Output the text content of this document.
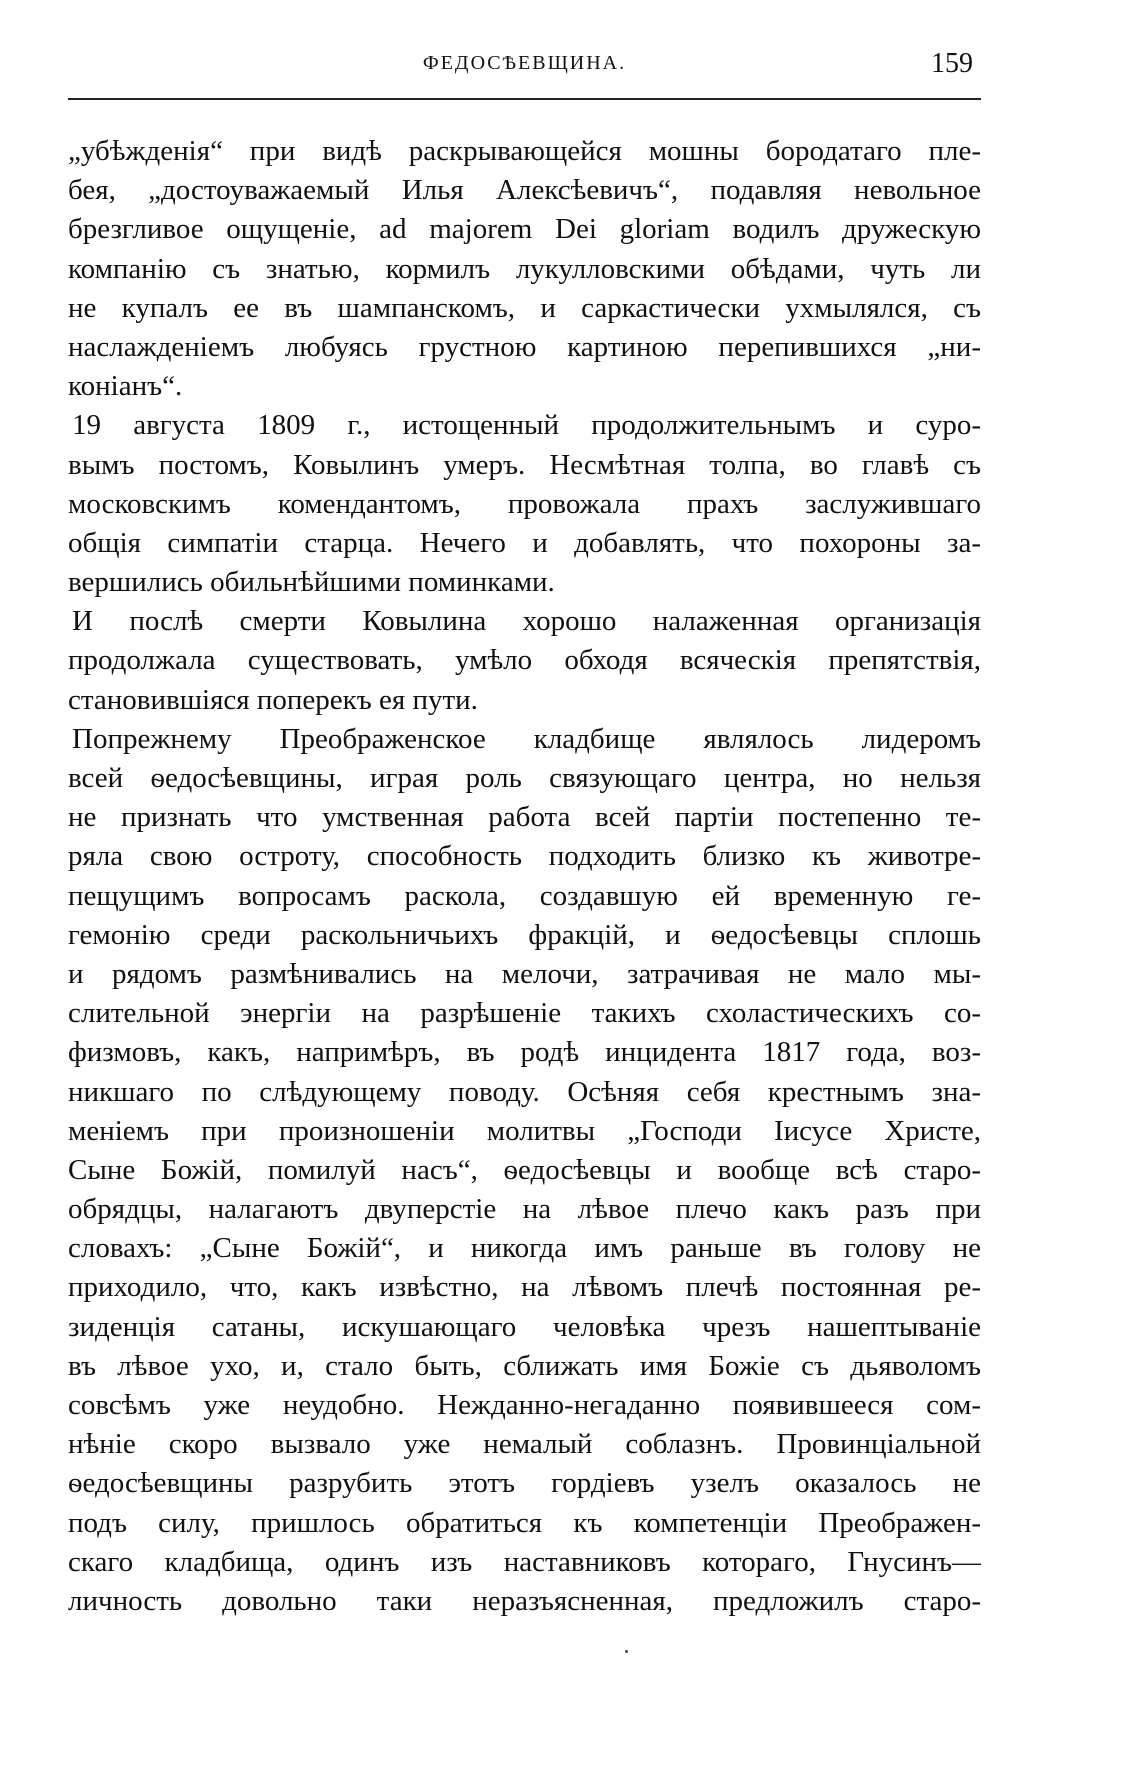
ФЕДОСѢЕВЩИНА.	159
„убѣжденія“ при видѣ раскрывающейся мошны бородатаго пле-
бея, „достоуважаемый Илья Алексѣевичъ“, подавляя невольное
брезгливое ощущеніе, ad majorem Dei gloriam водилъ дружескую
компанію съ знатью, кормилъ лукулловскими обѣдами, чуть ли
не купалъ ее въ шампанскомъ, и саркастически ухмылялся, съ
наслажденіемъ любуясь грустною картиною перепившихся „ни-
коніанъ“.
19 августа 1809 г., истощенный продолжительнымъ и суро-
вымъ постомъ, Ковылинъ умеръ. Несмѣтная толпа, во главѣ съ
московскимъ комендантомъ, провожала прахъ заслужившаго
общія симпатіи старца. Нечего и добавлять, что похороны за-
вершились обильнѣйшими поминками.
И послѣ смерти Ковылина хорошо налаженная организація
продолжала существовать, умѣло обходя всяческія препятствія,
становившіяся поперекъ ея пути.
Попрежнему Преображенское кладбище являлось лидеромъ
всей ѳедосѣевщины, играя роль связующаго центра, но нельзя
не признать что умственная работа всей партіи постепенно те-
ряла свою остроту, способность подходить близко къ животре-
пещущимъ вопросамъ раскола, создавшую ей временную ге-
гемонію среди раскольничьихъ фракцій, и ѳедосѣевцы сплошь
и рядомъ размѣнивались на мелочи, затрачивая не мало мы-
слительной энергіи на разрѣшеніе такихъ схоластическихъ со-
физмовъ, какъ, напримѣръ, въ родѣ инцидента 1817 года, воз-
никшаго по слѣдующему поводу. Осѣняя себя крестнымъ зна-
меніемъ при произношеніи молитвы „Господи Іисусе Христе,
Сыне Божій, помилуй насъ“, ѳедосѣевцы и вообще всѣ старо-
обрядцы, налагаютъ двуперстіе на лѣвое плечо какъ разъ при
словахъ: „Сыне Божій“, и никогда имъ раньше въ голову не
приходило, что, какъ извѣстно, на лѣвомъ плечѣ постоянная ре-
зиденція сатаны, искушающаго человѣка чрезъ нашептываніе
въ лѣвое ухо, и, стало быть, сближать имя Божіе съ дьяволомъ
совсѣмъ уже неудобно. Нежданно-негаданно появившееся сом-
нѣніе скоро вызвало уже немалый соблазнъ. Провинціальной
ѳедосѣевщины разрубить этотъ гордіевъ узелъ оказалось не
подъ силу, пришлось обратиться къ компетенціи Преображен-
скаго кладбища, одинъ изъ наставниковъ котораго, Гнусинъ—
личность довольно таки неразъясненная, предложилъ старо-
